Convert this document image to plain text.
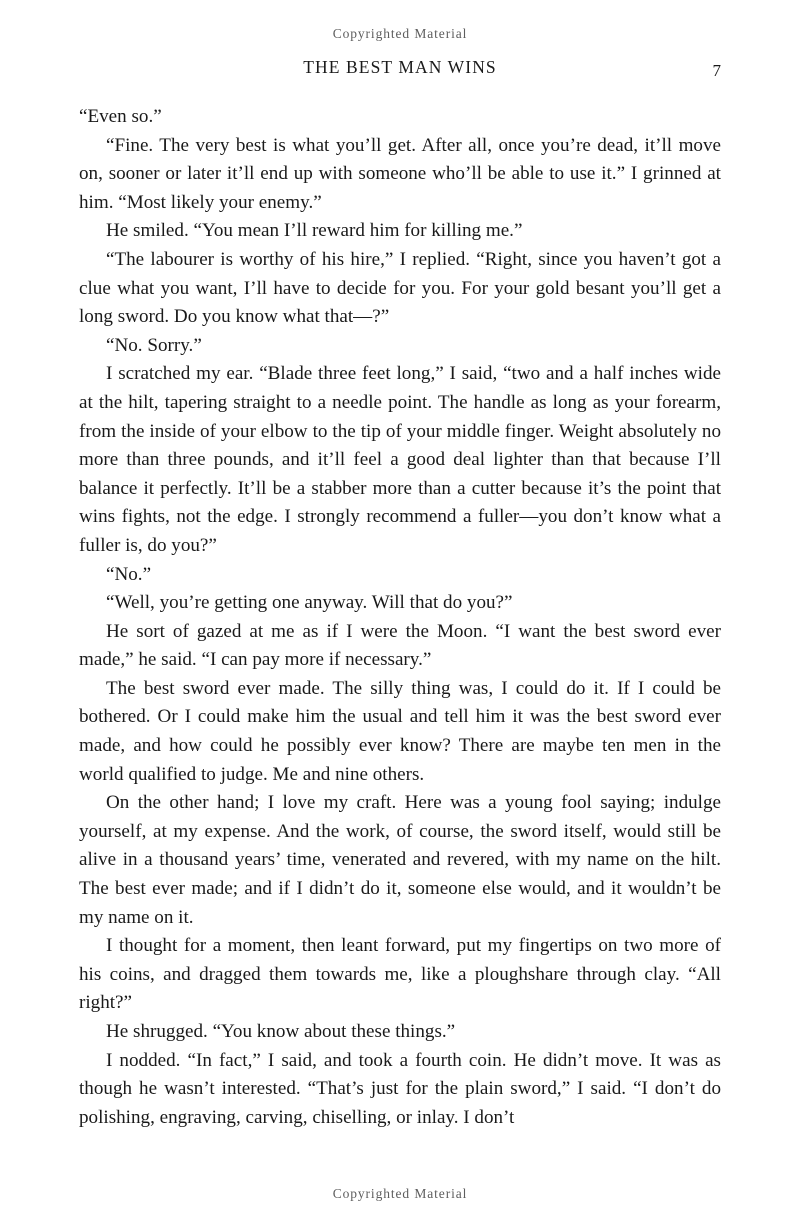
Copyrighted Material
THE BEST MAN WINS	7

“Even so.”

“Fine. The very best is what you’ll get. After all, once you’re dead, it’ll move on, sooner or later it’ll end up with someone who’ll be able to use it.” I grinned at him. “Most likely your enemy.”

He smiled. “You mean I’ll reward him for killing me.”

“The labourer is worthy of his hire,” I replied. “Right, since you haven’t got a clue what you want, I’ll have to decide for you. For your gold besant you’ll get a long sword. Do you know what that—?”

“No. Sorry.”

I scratched my ear. “Blade three feet long,” I said, “two and a half inches wide at the hilt, tapering straight to a needle point. The handle as long as your forearm, from the inside of your elbow to the tip of your middle finger. Weight absolutely no more than three pounds, and it’ll feel a good deal lighter than that because I’ll balance it perfectly. It’ll be a stabber more than a cutter because it’s the point that wins fights, not the edge. I strongly recommend a fuller—you don’t know what a fuller is, do you?”

“No.”

“Well, you’re getting one anyway. Will that do you?”

He sort of gazed at me as if I were the Moon. “I want the best sword ever made,” he said. “I can pay more if necessary.”

The best sword ever made. The silly thing was, I could do it. If I could be bothered. Or I could make him the usual and tell him it was the best sword ever made, and how could he possibly ever know? There are maybe ten men in the world qualified to judge. Me and nine others.

On the other hand; I love my craft. Here was a young fool saying; indulge yourself, at my expense. And the work, of course, the sword itself, would still be alive in a thousand years’ time, venerated and revered, with my name on the hilt. The best ever made; and if I didn’t do it, someone else would, and it wouldn’t be my name on it.

I thought for a moment, then leant forward, put my fingertips on two more of his coins, and dragged them towards me, like a ploughshare through clay. “All right?”

He shrugged. “You know about these things.”

I nodded. “In fact,” I said, and took a fourth coin. He didn’t move. It was as though he wasn’t interested. “That’s just for the plain sword,” I said. “I don’t do polishing, engraving, carving, chiselling, or inlay. I don’t

Copyrighted Material
